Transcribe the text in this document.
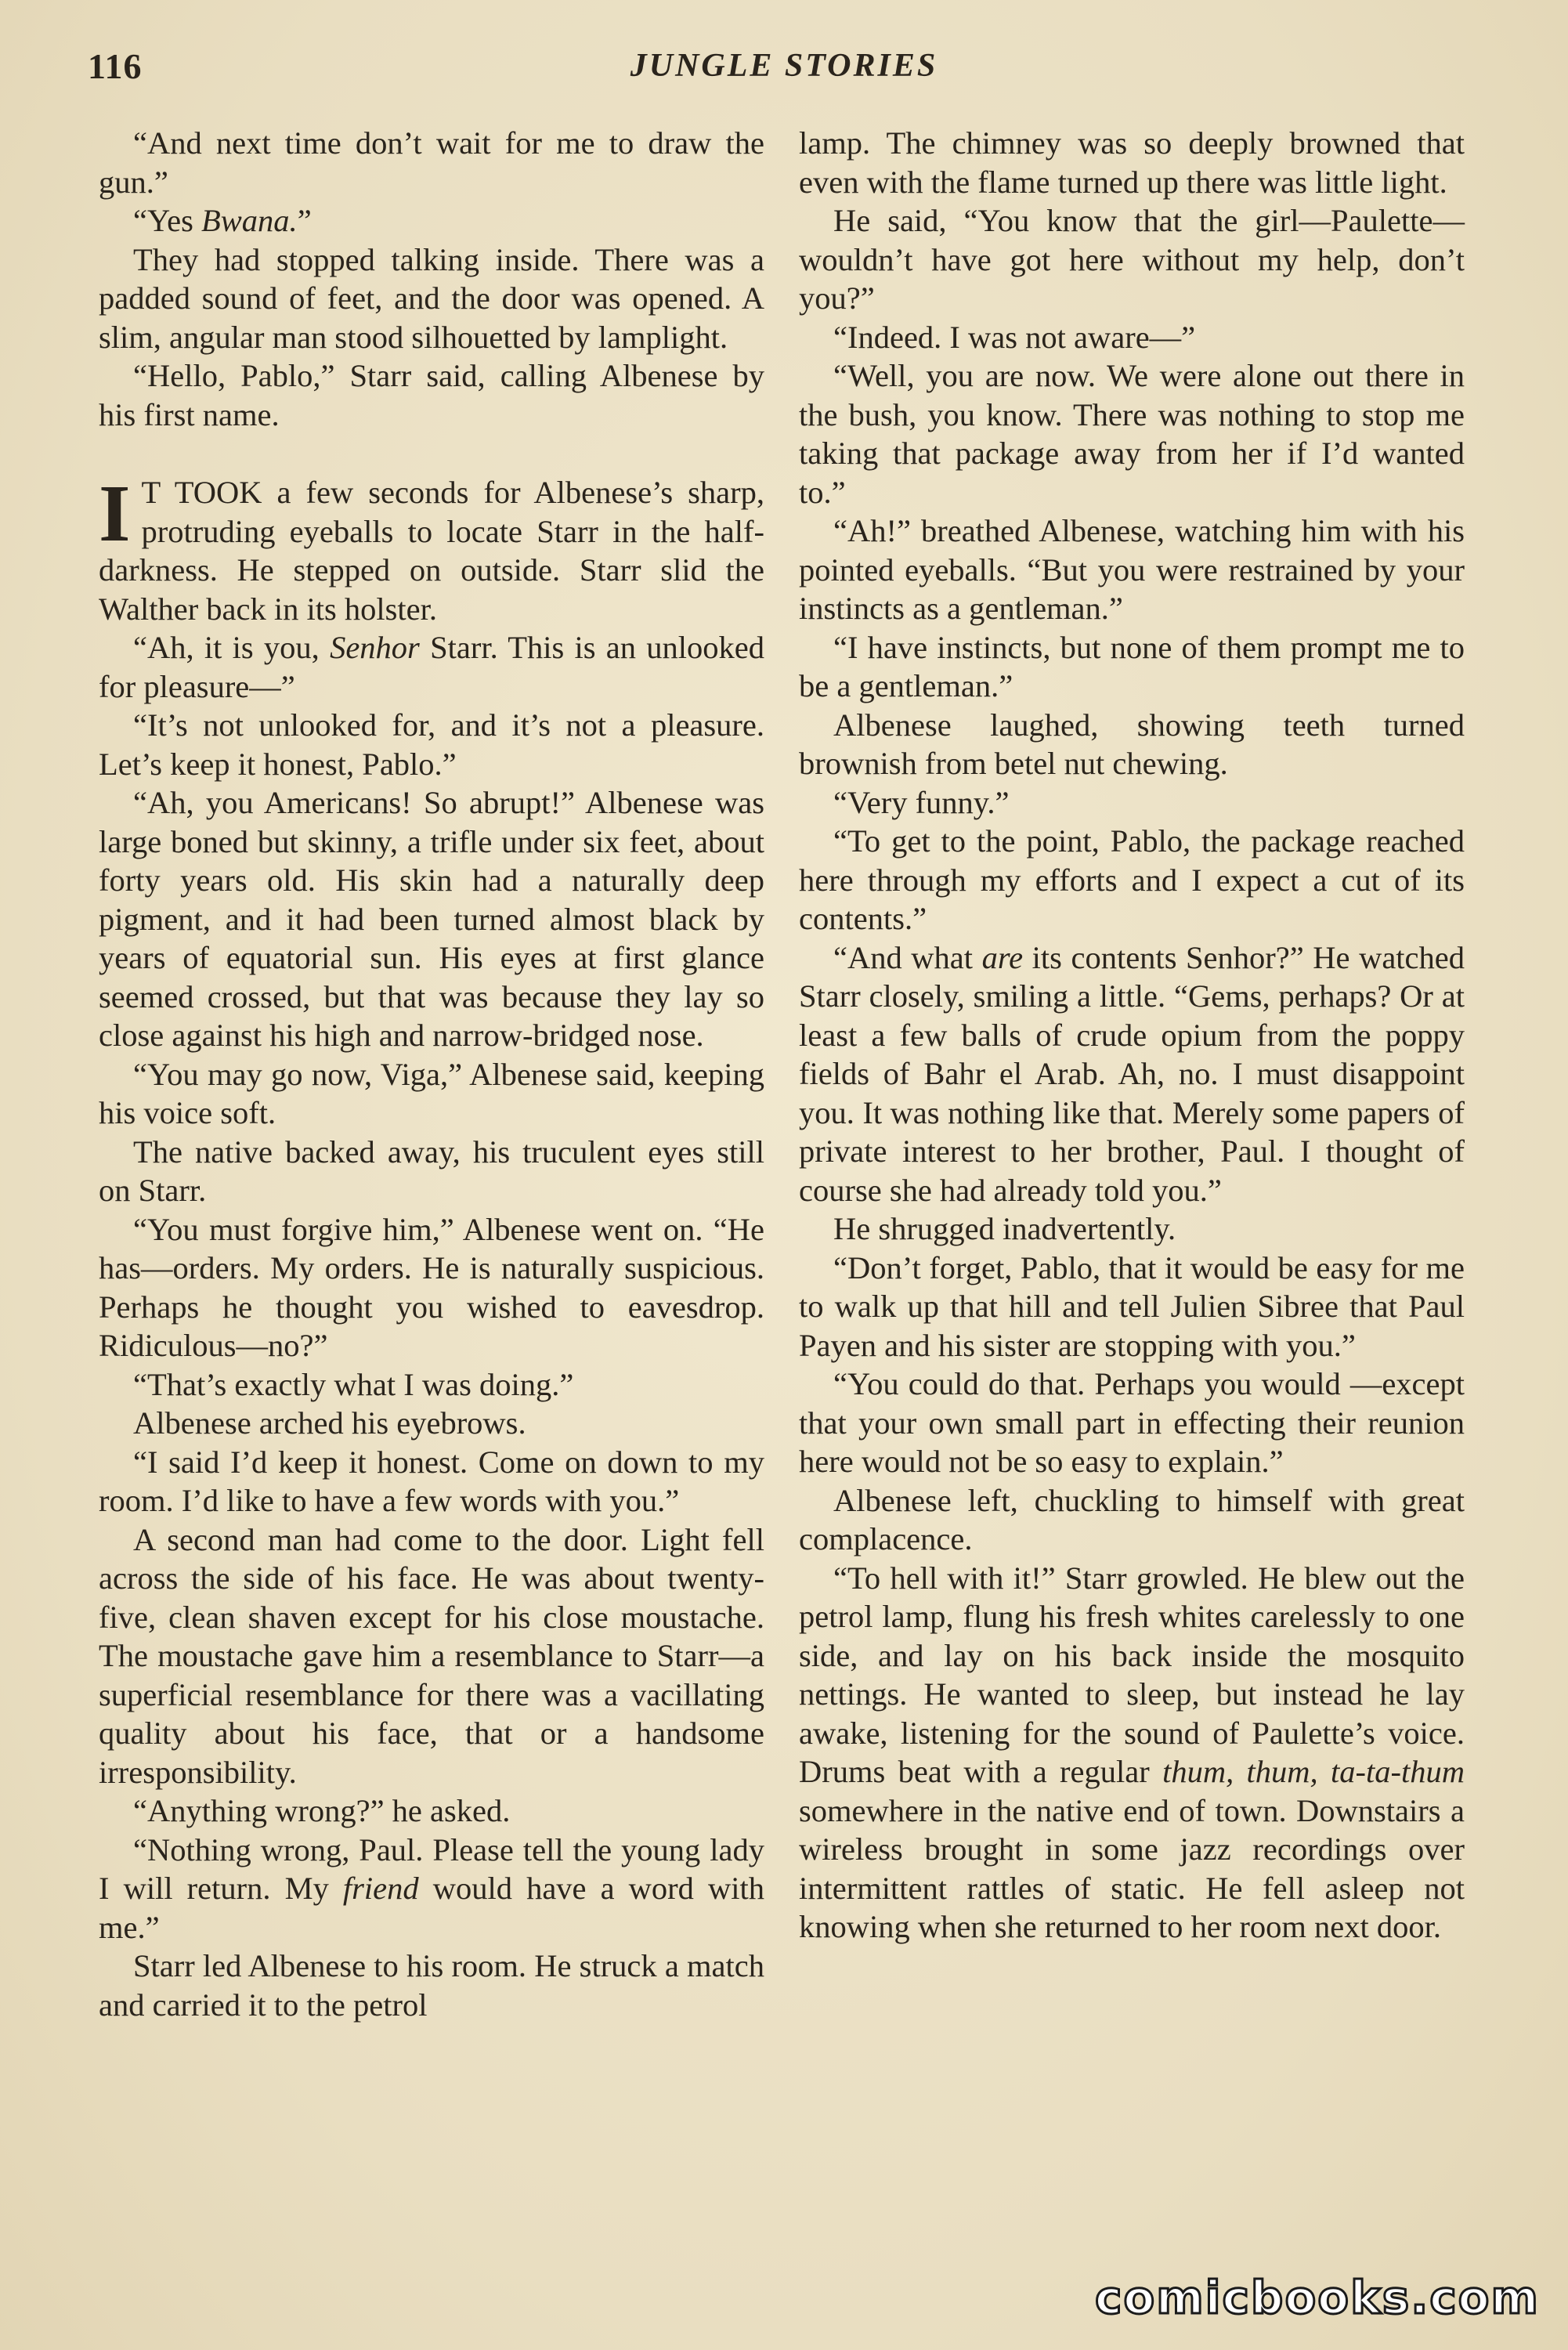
116	JUNGLE STORIES

“And next time don’t wait for me to draw the gun.”

“Yes Bwana.”

They had stopped talking inside. There was a padded sound of feet, and the door was opened. A slim, angular man stood silhouetted by lamplight.

“Hello, Pablo,” Starr said, calling Albenese by his first name.

I T TOOK a few seconds for Albenese’s sharp, protruding eyeballs to locate Starr in the half-darkness. He stepped on outside. Starr slid the Walther back in its holster.

“Ah, it is you, Senhor Starr. This is an unlooked for pleasure—”

“It’s not unlooked for, and it’s not a pleasure. Let’s keep it honest, Pablo.”

“Ah, you Americans! So abrupt!” Albenese was large boned but skinny, a trifle under six feet, about forty years old. His skin had a naturally deep pigment, and it had been turned almost black by years of equatorial sun. His eyes at first glance seemed crossed, but that was because they lay so close against his high and narrow-bridged nose.

“You may go now, Viga,” Albenese said, keeping his voice soft.

The native backed away, his truculent eyes still on Starr.

“You must forgive him,” Albenese went on. “He has—orders. My orders. He is naturally suspicious. Perhaps he thought you wished to eavesdrop. Ridiculous—no?”

“That’s exactly what I was doing.”

Albenese arched his eyebrows.

“I said I’d keep it honest. Come on down to my room. I’d like to have a few words with you.”

A second man had come to the door. Light fell across the side of his face. He was about twenty-five, clean shaven except for his close moustache. The moustache gave him a resemblance to Starr—a superficial resemblance for there was a vacillating quality about his face, that or a handsome irresponsibility.

“Anything wrong?” he asked.

“Nothing wrong, Paul. Please tell the young lady I will return. My friend would have a word with me.”

Starr led Albenese to his room. He struck a match and carried it to the petrol

lamp. The chimney was so deeply browned that even with the flame turned up there was little light.

He said, “You know that the girl—Paulette—wouldn’t have got here without my help, don’t you?”

“Indeed. I was not aware—”

“Well, you are now. We were alone out there in the bush, you know. There was nothing to stop me taking that package away from her if I’d wanted to.”

“Ah!” breathed Albenese, watching him with his pointed eyeballs. “But you were restrained by your instincts as a gentleman.”

“I have instincts, but none of them prompt me to be a gentleman.”

Albenese laughed, showing teeth turned brownish from betel nut chewing.

“Very funny.”

“To get to the point, Pablo, the package reached here through my efforts and I expect a cut of its contents.”

“And what are its contents Senhor?” He watched Starr closely, smiling a little. “Gems, perhaps? Or at least a few balls of crude opium from the poppy fields of Bahr el Arab. Ah, no. I must disappoint you. It was nothing like that. Merely some papers of private interest to her brother, Paul. I thought of course she had already told you.”

He shrugged inadvertently.

“Don’t forget, Pablo, that it would be easy for me to walk up that hill and tell Julien Sibree that Paul Payen and his sister are stopping with you.”

“You could do that. Perhaps you would —except that your own small part in effecting their reunion here would not be so easy to explain.”

Albenese left, chuckling to himself with great complacence.

“To hell with it!” Starr growled. He blew out the petrol lamp, flung his fresh whites carelessly to one side, and lay on his back inside the mosquito nettings. He wanted to sleep, but instead he lay awake, listening for the sound of Paulette’s voice. Drums beat with a regular thum, thum, ta-ta-thum somewhere in the native end of town. Downstairs a wireless brought in some jazz recordings over intermittent rattles of static. He fell asleep not knowing when she returned to her room next door.

comicbooks.com
